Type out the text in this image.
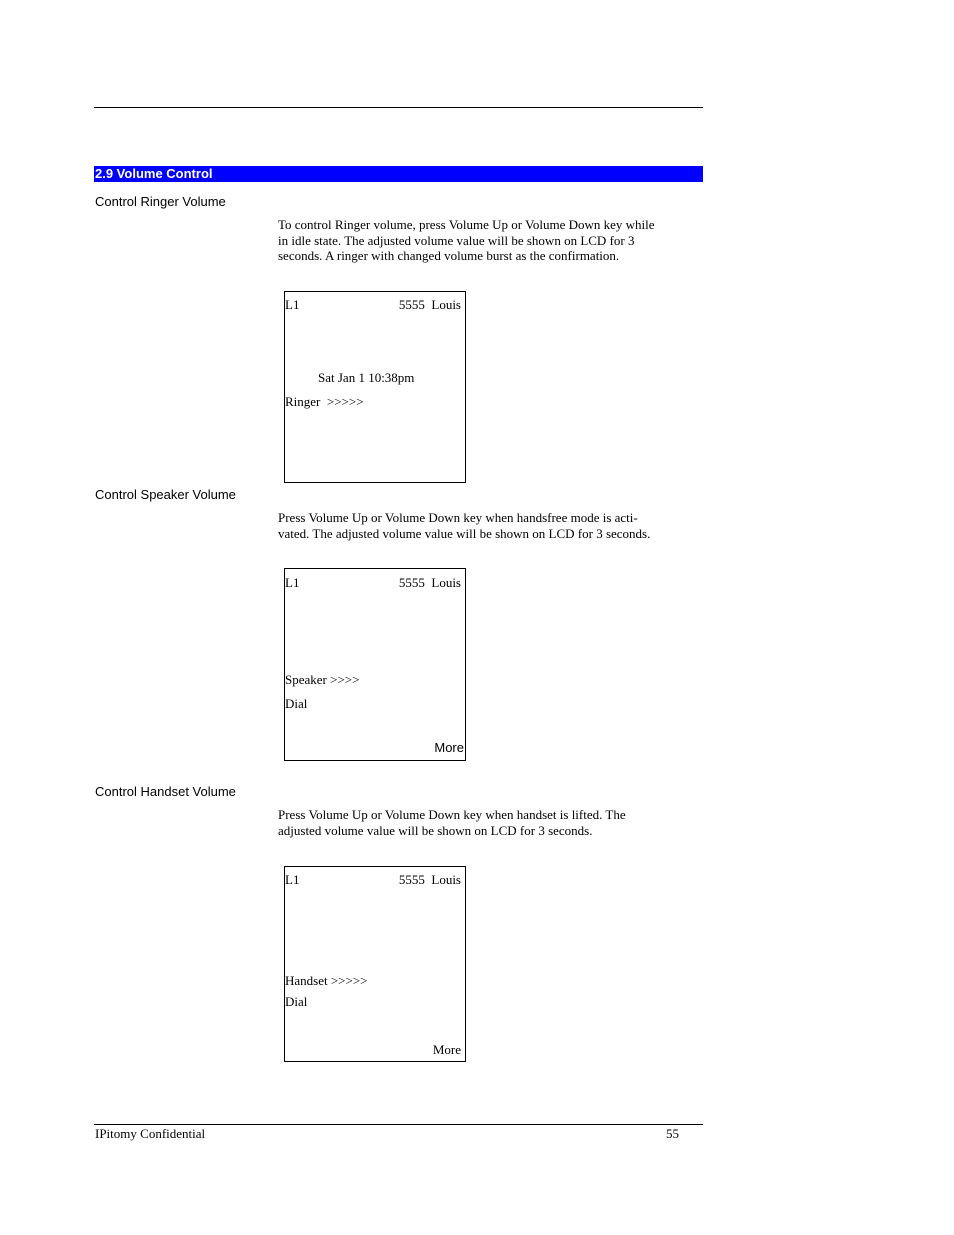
2.9 Volume Control
Control Ringer Volume
To control Ringer volume, press Volume Up or Volume Down key while
in idle state. The adjusted volume value will be shown on LCD for 3
seconds. A ringer with changed volume burst as the confirmation.
L1	5555  Louis
Sat Jan 1 10:38pm
Ringer  >>>>>
Control Speaker Volume
Press Volume Up or Volume Down key when handsfree mode is acti-
vated. The adjusted volume value will be shown on LCD for 3 seconds.
L1	5555  Louis
Speaker >>>>
Dial
More
Control Handset Volume
Press Volume Up or Volume Down key when handset is lifted. The
adjusted volume value will be shown on LCD for 3 seconds.
L1	5555  Louis
Handset >>>>>
Dial
More
IPitomy Confidential	55
